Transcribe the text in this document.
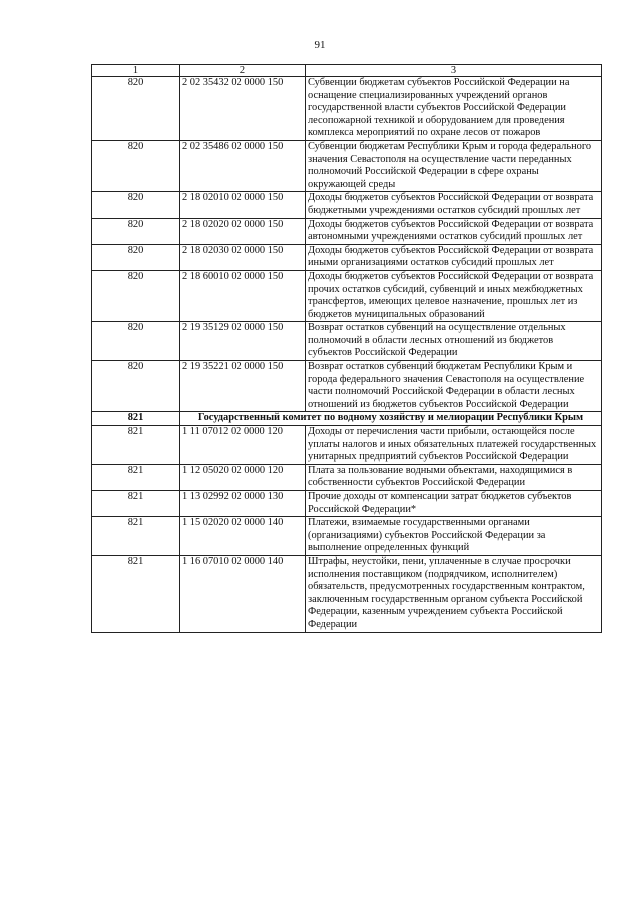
91
1	2	3
820	2 02 35432 02 0000 150	Субвенции бюджетам субъектов Российской Федерации на оснащение специализированных учреждений органов государственной власти субъектов Российской Федерации лесопожарной техникой и оборудованием для проведения комплекса мероприятий по охране лесов от пожаров
820	2 02 35486 02 0000 150	Субвенции бюджетам Республики Крым и города федерального значения Севастополя на осуществление части переданных полномочий Российской Федерации в сфере охраны окружающей среды
820	2 18 02010 02 0000 150	Доходы бюджетов субъектов Российской Федерации от возврата бюджетными учреждениями остатков субсидий прошлых лет
820	2 18 02020 02 0000 150	Доходы бюджетов субъектов Российской Федерации от возврата автономными учреждениями остатков субсидий прошлых лет
820	2 18 02030 02 0000 150	Доходы бюджетов субъектов Российской Федерации от возврата иными организациями остатков субсидий прошлых лет
820	2 18 60010 02 0000 150	Доходы бюджетов субъектов Российской Федерации от возврата прочих остатков субсидий, субвенций и иных межбюджетных трансфертов, имеющих целевое назначение, прошлых лет из бюджетов муниципальных образований
820	2 19 35129 02 0000 150	Возврат остатков субвенций на осуществление отдельных полномочий в области лесных отношений из бюджетов субъектов Российской Федерации
820	2 19 35221 02 0000 150	Возврат остатков субвенций бюджетам Республики Крым и города федерального значения Севастополя на осуществление части полномочий Российской Федерации в области лесных отношений из бюджетов субъектов Российской Федерации
821	Государственный комитет по водному хозяйству и мелиорации Республики Крым	
821	1 11 07012 02 0000 120	Доходы от перечисления части прибыли, остающейся после уплаты налогов и иных обязательных платежей государственных унитарных предприятий субъектов Российской Федерации
821	1 12 05020 02 0000 120	Плата за пользование водными объектами, находящимися в собственности субъектов Российской Федерации
821	1 13 02992 02 0000 130	Прочие доходы от компенсации затрат бюджетов субъектов Российской Федерации*
821	1 15 02020 02 0000 140	Платежи, взимаемые государственными органами (организациями) субъектов Российской Федерации за выполнение определенных функций
821	1 16 07010 02 0000 140	Штрафы, неустойки, пени, уплаченные в случае просрочки исполнения поставщиком (подрядчиком, исполнителем) обязательств, предусмотренных государственным контрактом, заключенным государственным органом субъекта Российской Федерации, казенным учреждением субъекта Российской Федерации
